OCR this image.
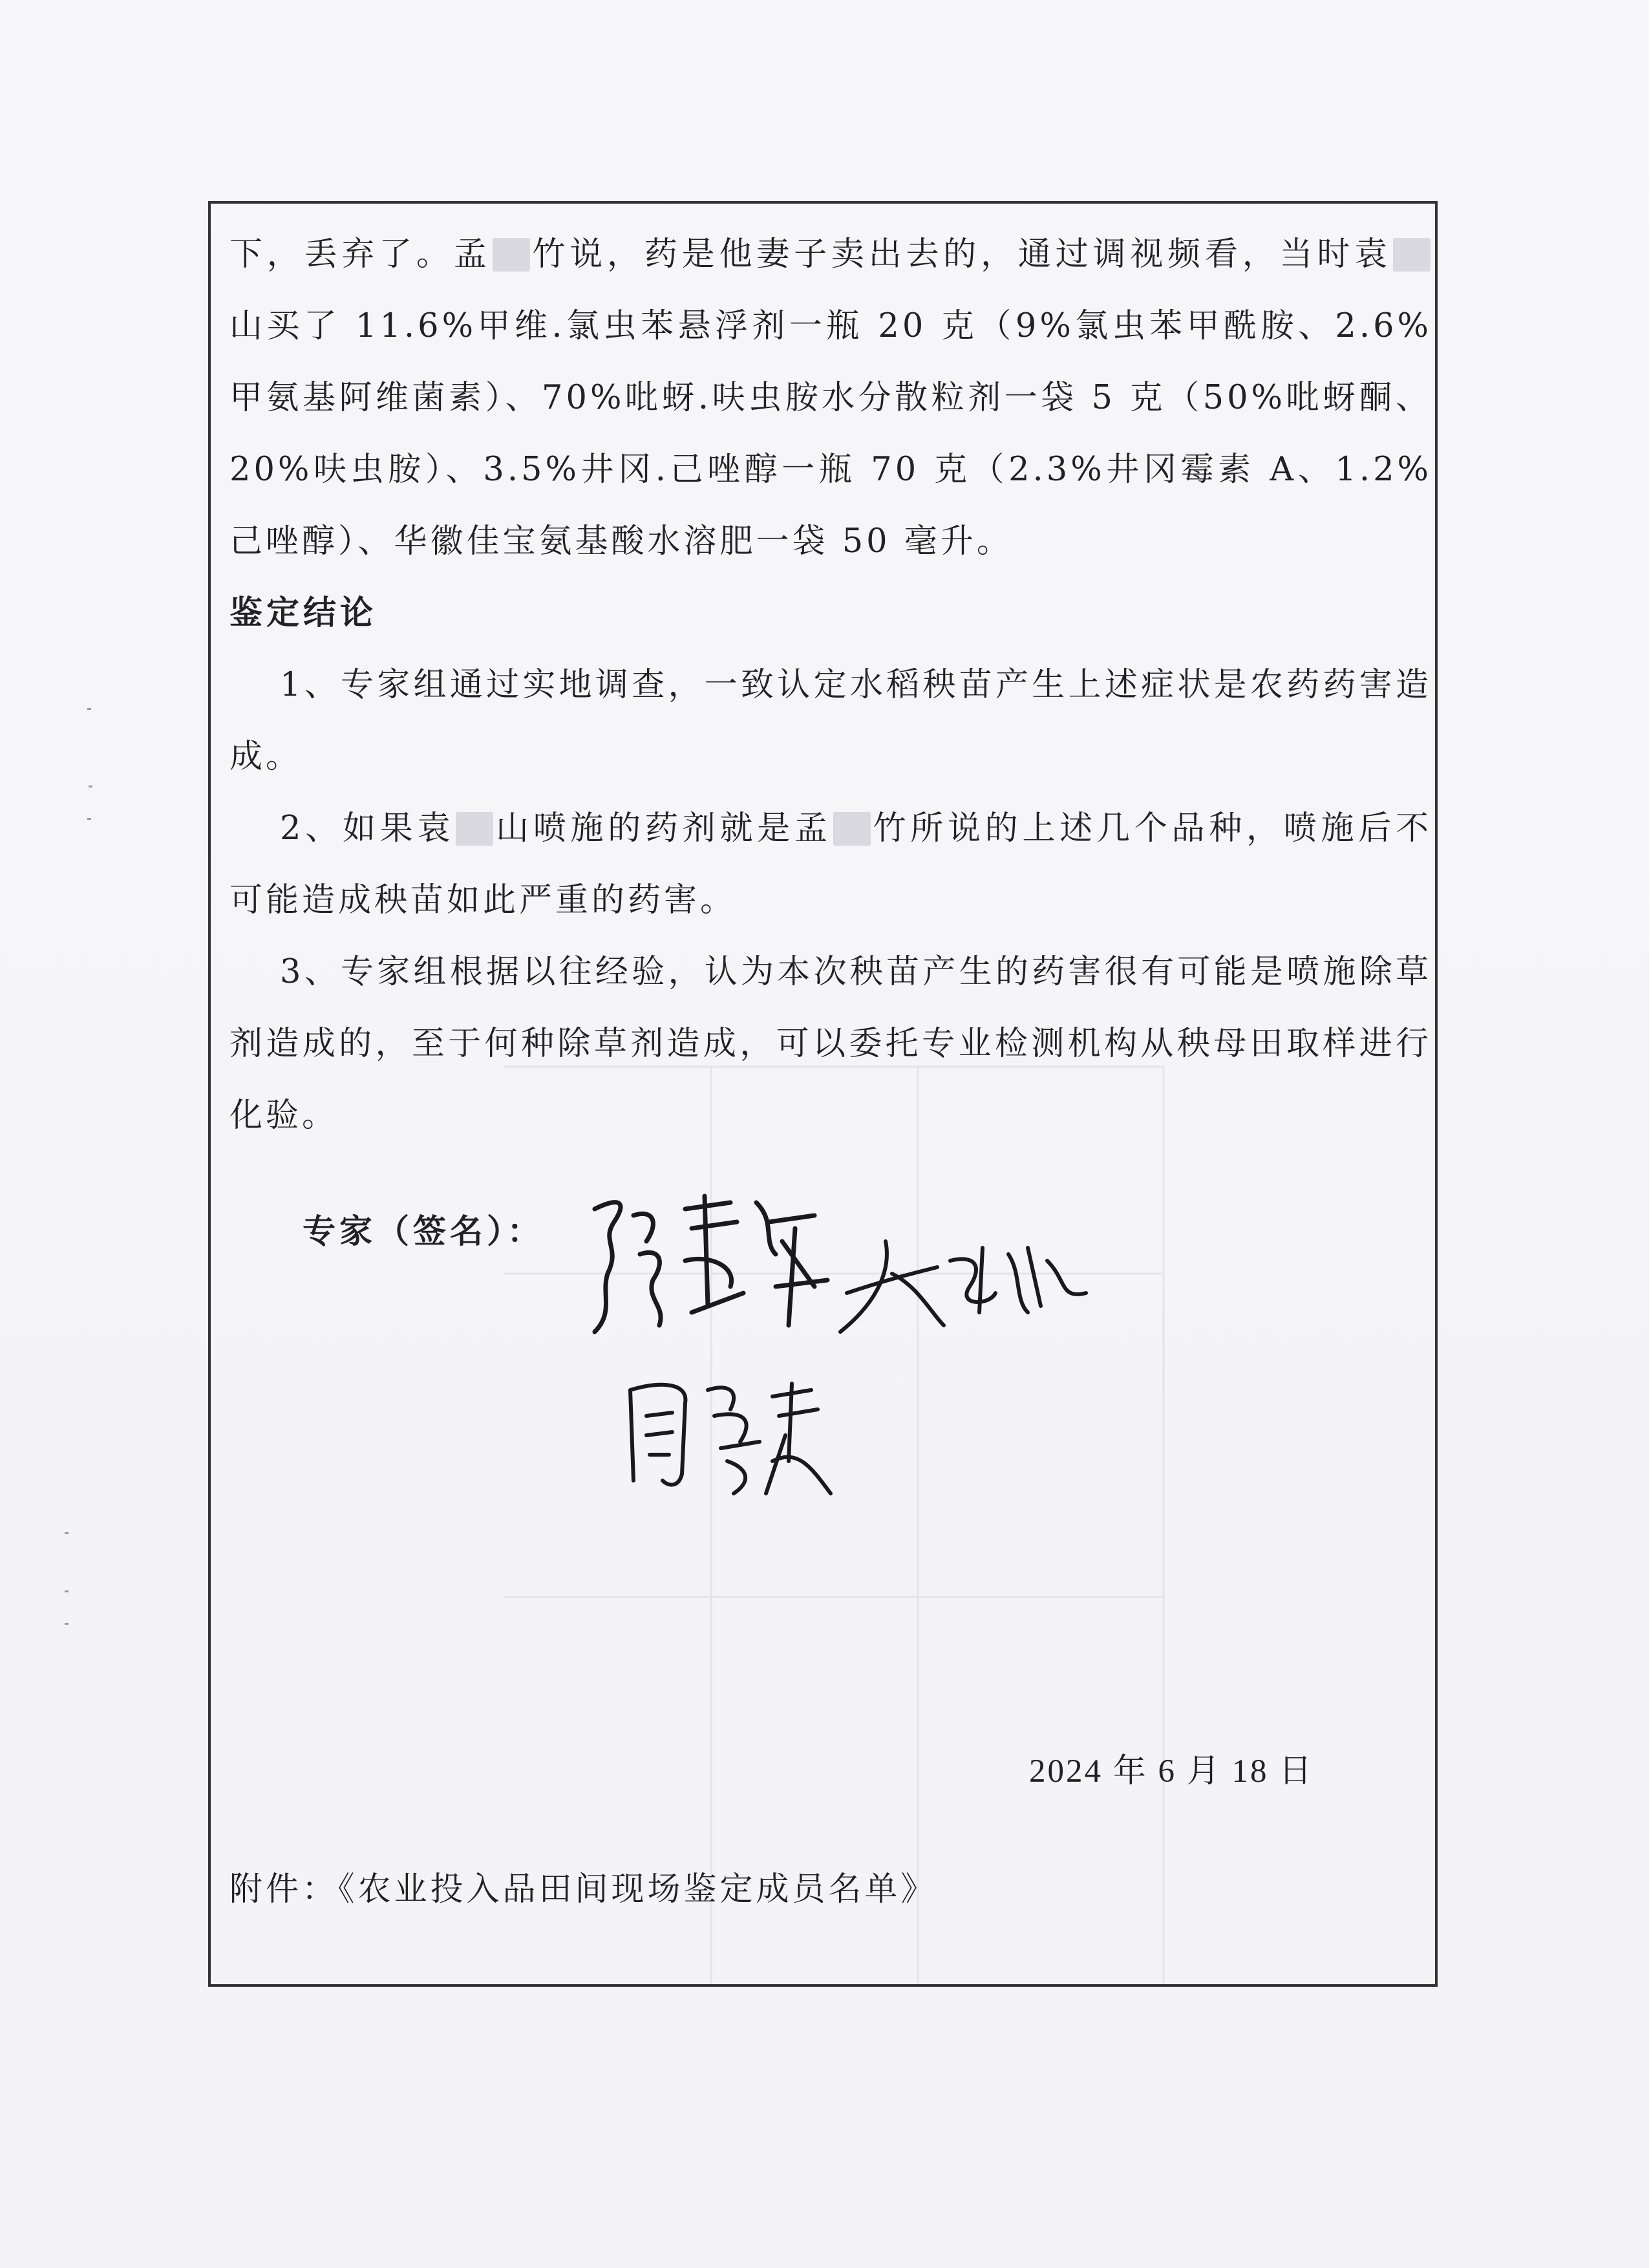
下，丢弃了。孟 竹说，药是他妻子卖出去的，通过调视频看，当时袁山买了 11.6%甲维.氯虫苯悬浮剂一瓶 20 克（9%氯虫苯甲酰胺、2.6%甲氨基阿维菌素）、70%吡蚜.呋虫胺水分散粒剂一袋 5 克（50%吡蚜酮、20%呋虫胺）、3.5%井冈.己唑醇一瓶 70 克（2.3%井冈霉素 A、1.2%己唑醇）、华徽佳宝氨基酸水溶肥一袋 50 毫升。

鉴定结论

1、专家组通过实地调查，一致认定水稻秧苗产生上述症状是农药药害造成。

2、如果袁 山喷施的药剂就是孟 竹所说的上述几个品种，喷施后不可能造成秧苗如此严重的药害。

3、专家组根据以往经验，认为本次秧苗产生的药害很有可能是喷施除草剂造成的，至于何种除草剂造成，可以委托专业检测机构从秧母田取样进行化验。

专家（签名）：
2024 年 6 月 18 日
附件：《农业投入品田间现场鉴定成员名单》
